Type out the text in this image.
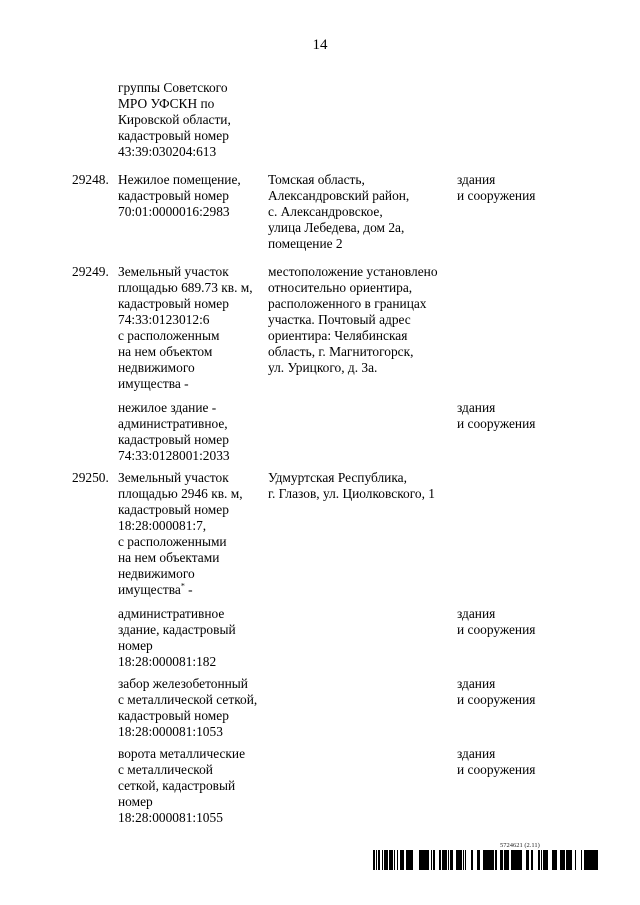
14
группы Советского
МРО УФСКН по
Кировской области,
кадастровый номер
43:39:030204:613
29248. Нежилое помещение,
кадастровый номер
70:01:0000016:2983
Томская область,
Александровский район,
с. Александровское,
улица Лебедева, дом 2а,
помещение 2
здания
и сооружения
29249. Земельный участок
площадью 689.73 кв. м,
кадастровый номер
74:33:0123012:6
с расположенным
на нем объектом
недвижимого
имущества -
местоположение установлено
относительно ориентира,
расположенного в границах
участка. Почтовый адрес
ориентира: Челябинская
область, г. Магнитогорск,
ул. Урицкого, д. 3а.
нежилое здание -
административное,
кадастровый номер
74:33:0128001:2033
здания
и сооружения
29250. Земельный участок
площадью 2946 кв. м,
кадастровый номер
18:28:000081:7,
с расположенными
на нем объектами
недвижимого
имущества* -
Удмуртская Республика,
г. Глазов, ул. Циолковского, 1
административное
здание, кадастровый
номер
18:28:000081:182
здания
и сооружения
забор железобетонный
с металлической сеткой,
кадастровый номер
18:28:000081:1053
здания
и сооружения
ворота металлические
с металлической
сеткой, кадастровый
номер
18:28:000081:1055
здания
и сооружения
5724621 (2.11)
